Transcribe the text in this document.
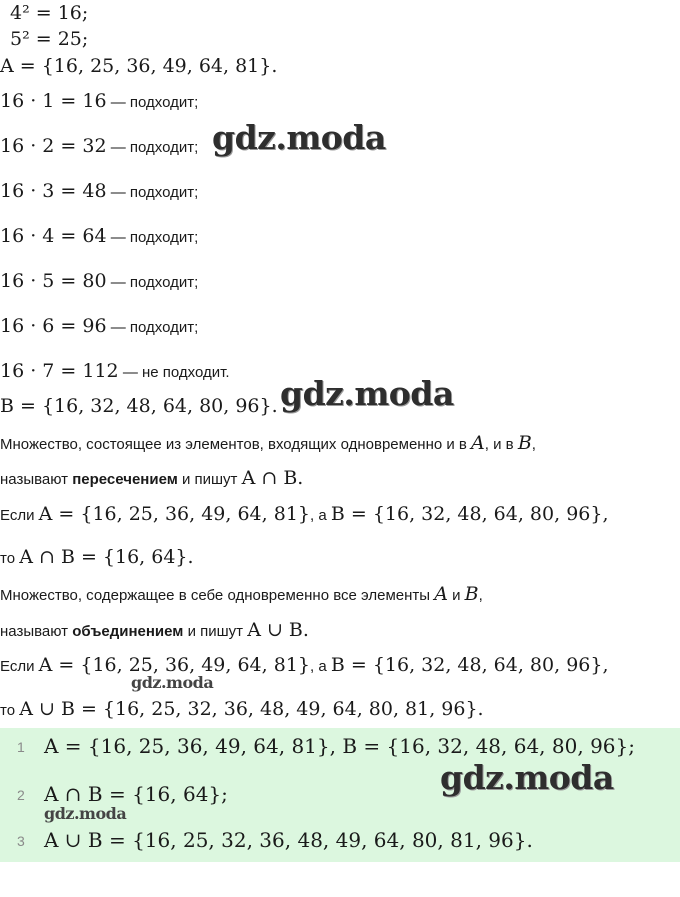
4² = 16;
5² = 25;
A = {16, 25, 36, 49, 64, 81}.
16 · 1 = 16 — подходит;
16 · 2 = 32 — подходит;
16 · 3 = 48 — подходит;
16 · 4 = 64 — подходит;
16 · 5 = 80 — подходит;
16 · 6 = 96 — подходит;
16 · 7 = 112 — не подходит.
B = {16, 32, 48, 64, 80, 96}.
Множество, состоящее из элементов, входящих одновременно и в A, и в B,
называют пересечением и пишут A ∩ B.
Если A = {16, 25, 36, 49, 64, 81}, а B = {16, 32, 48, 64, 80, 96},
то A ∩ B = {16, 64}.
Множество, содержащее в себе одновременно все элементы A и B,
называют объединением и пишут A ∪ B.
Если A = {16, 25, 36, 49, 64, 81}, а B = {16, 32, 48, 64, 80, 96},
то A ∪ B = {16, 25, 32, 36, 48, 49, 64, 80, 81, 96}.
1 A = {16, 25, 36, 49, 64, 81}, B = {16, 32, 48, 64, 80, 96};
2 A ∩ B = {16, 64};
3 A ∪ B = {16, 25, 32, 36, 48, 49, 64, 80, 81, 96}.
gdz.moda
gdz.moda
gdz.moda
gdz.moda
gdz.moda
